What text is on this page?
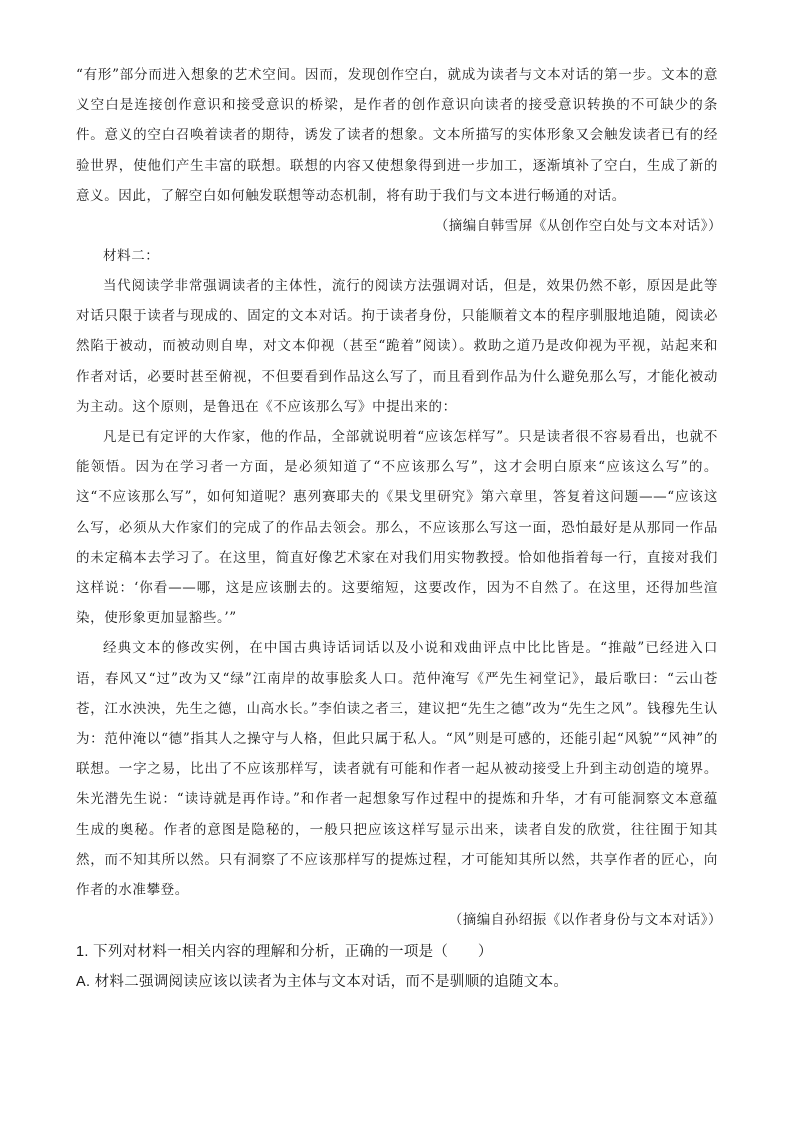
“有形”部分而进入想象的艺术空间。因而，发现创作空白，就成为读者与文本对话的第一步。文本的意义空白是连接创作意识和接受意识的桥梁，是作者的创作意识向读者的接受意识转换的不可缺少的条件。意义的空白召唤着读者的期待，诱发了读者的想象。文本所描写的实体形象又会触发读者已有的经验世界，使他们产生丰富的联想。联想的内容又使想象得到进一步加工，逐渐填补了空白，生成了新的意义。因此，了解空白如何触发联想等动态机制，将有助于我们与文本进行畅通的对话。

（摘编自韩雪屏《从创作空白处与文本对话》）

材料二：

当代阅读学非常强调读者的主体性，流行的阅读方法强调对话，但是，效果仍然不彰，原因是此等对话只限于读者与现成的、固定的文本对话。拘于读者身份，只能顺着文本的程序驯服地追随，阅读必然陷于被动，而被动则自卑，对文本仰视（甚至“跪着”阅读）。救助之道乃是改仰视为平视，站起来和作者对话，必要时甚至俯视，不但要看到作品这么写了，而且看到作品为什么避免那么写，才能化被动为主动。这个原则，是鲁迅在《不应该那么写》中提出来的：

凡是已有定评的大作家，他的作品，全部就说明着“应该怎样写”。只是读者很不容易看出，也就不能领悟。因为在学习者一方面，是必须知道了“不应该那么写”，这才会明白原来“应该这么写”的。这“不应该那么写”，如何知道呢？惠列赛耶夫的《果戈里研究》第六章里，答复着这问题——“应该这么写，必须从大作家们的完成了的作品去领会。那么，不应该那么写这一面，恐怕最好是从那同一作品的未定稿本去学习了。在这里，简直好像艺术家在对我们用实物教授。恰如他指着每一行，直接对我们这样说：‘你看——哪，这是应该删去的。这要缩短，这要改作，因为不自然了。在这里，还得加些渲染，使形象更加显豁些。’”

经典文本的修改实例，在中国古典诗话词话以及小说和戏曲评点中比比皆是。“推敲”已经进入口语，春风又“过”改为又“绿”江南岸的故事脍炙人口。范仲淹写《严先生祠堂记》，最后歌曰：“云山苍苍，江水泱泱，先生之德，山高水长。”李伯读之者三，建议把“先生之德”改为“先生之风”。钱穆先生认为：范仲淹以“德”指其人之操守与人格，但此只属于私人。“风”则是可感的，还能引起“风貌”“风神”的联想。一字之易，比出了不应该那样写，读者就有可能和作者一起从被动接受上升到主动创造的境界。朱光潜先生说：“读诗就是再作诗。”和作者一起想象写作过程中的提炼和升华，才有可能洞察文本意蕴生成的奥秘。作者的意图是隐秘的，一般只把应该这样写显示出来，读者自发的欣赏，往往囿于知其然，而不知其所以然。只有洞察了不应该那样写的提炼过程，才可能知其所以然，共享作者的匠心，向作者的水准攀登。

（摘编自孙绍振《以作者身份与文本对话》）

1. 下列对材料一相关内容的理解和分析，正确的一项是（　　）

A. 材料二强调阅读应该以读者为主体与文本对话，而不是驯顺的追随文本。
